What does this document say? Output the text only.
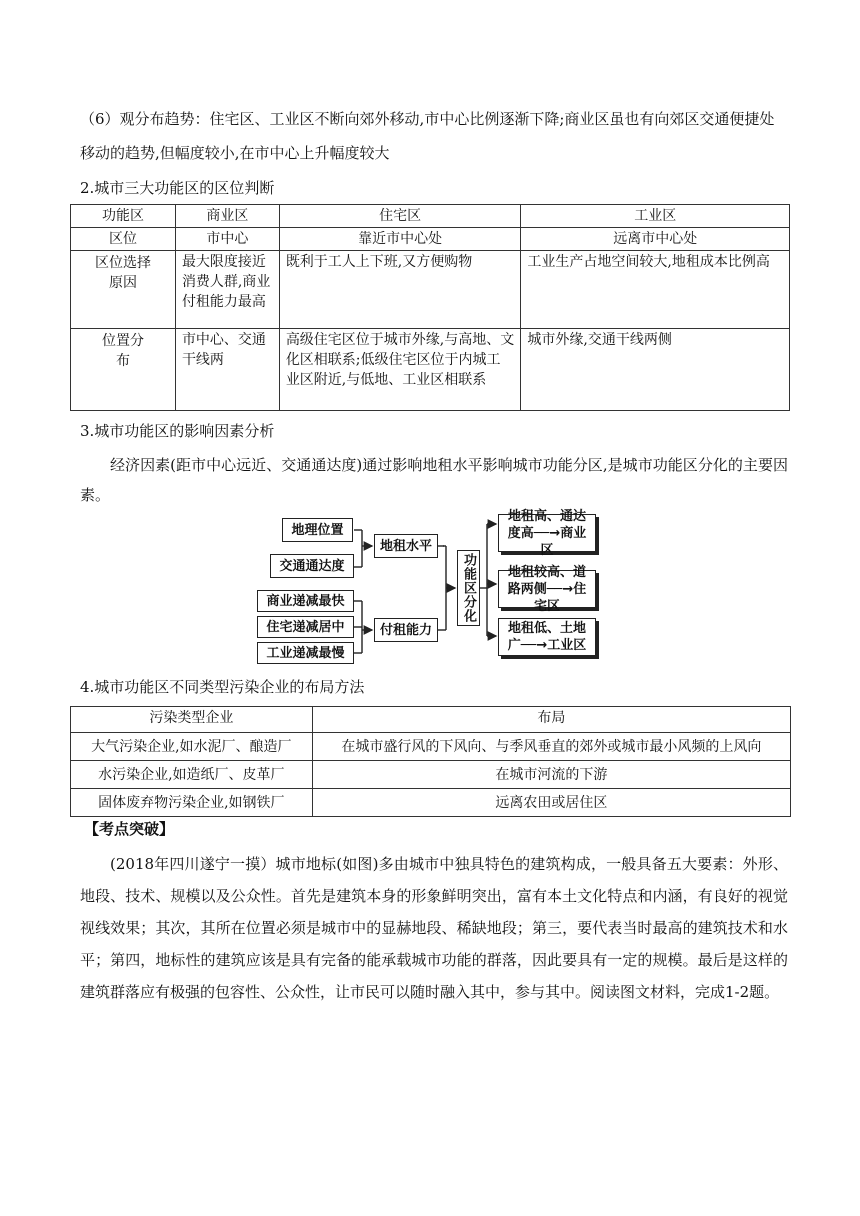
（6）观分布趋势：住宅区、工业区不断向郊外移动,市中心比例逐渐下降;商业区虽也有向郊区交通便捷处
移动的趋势,但幅度较小,在市中心上升幅度较大
2.城市三大功能区的区位判断
功能区	商业区	住宅区	工业区
区位	市中心	靠近市中心处	远离市中心处
区位选择原因	最大限度接近消费人群,商业付租能力最高	既利于工人上下班,又方便购物	工业生产占地空间较大,地租成本比例高
位置分布	市中心、交通干线两	高级住宅区位于城市外缘,与高地、文化区相联系;低级住宅区位于内城工业区附近,与低地、工业区相联系	城市外缘,交通干线两侧
3.城市功能区的影响因素分析
经济因素(距市中心远近、交通通达度)通过影响地租水平影响城市功能分区,是城市功能区分化的主要因素。
地理位置
交通通达度
地租水平
商业递减最快
住宅递减居中
工业递减最慢
付租能力
功能区分化
地租高、通达度高──→商业区
地租较高、道路两侧──→住宅区
地租低、土地广──→工业区
4.城市功能区不同类型污染企业的布局方法
污染类型企业	布局
大气污染企业,如水泥厂、酿造厂	在城市盛行风的下风向、与季风垂直的郊外或城市最小风频的上风向
水污染企业,如造纸厂、皮革厂	在城市河流的下游
固体废弃物污染企业,如钢铁厂	远离农田或居住区
【考点突破】
(2018年四川遂宁一摸）城市地标(如图)多由城市中独具特色的建筑构成，一般具备五大要素：外形、地段、技术、规模以及公众性。首先是建筑本身的形象鲜明突出，富有本土文化特点和内涵，有良好的视觉视线效果；其次，其所在位置必须是城市中的显赫地段、稀缺地段；第三，要代表当时最高的建筑技术和水平；第四，地标性的建筑应该是具有完备的能承载城市功能的群落，因此要具有一定的规模。最后是这样的建筑群落应有极强的包容性、公众性，让市民可以随时融入其中，参与其中。阅读图文材料，完成1-2题。
